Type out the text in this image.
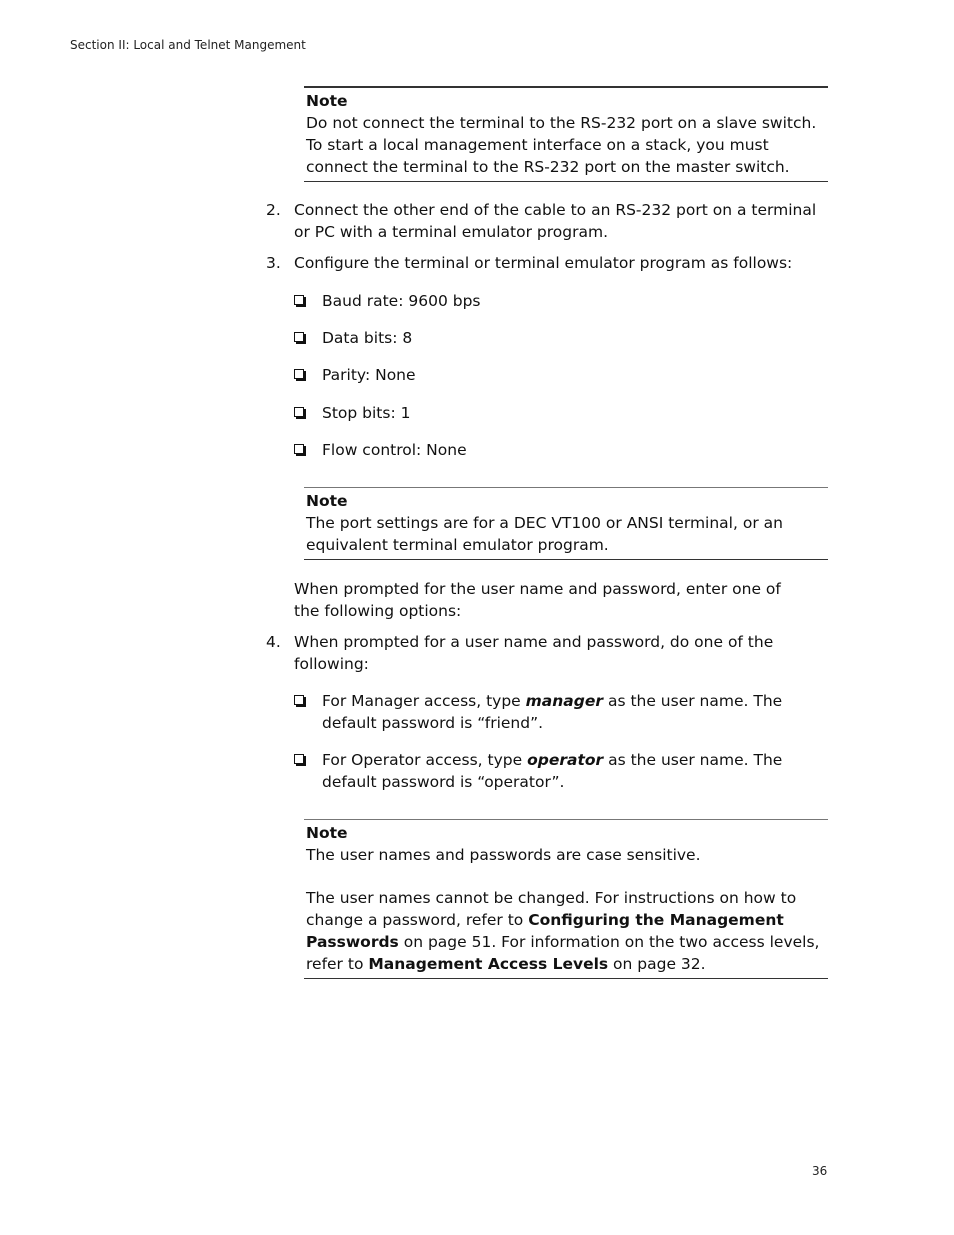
Section II: Local and Telnet Mangement
Note

Do not connect the terminal to the RS-232 port on a slave switch. To start a local management interface on a stack, you must connect the terminal to the RS-232 port on the master switch.

2. Connect the other end of the cable to an RS-232 port on a terminal or PC with a terminal emulator program.
3. Configure the terminal or terminal emulator program as follows:
Baud rate: 9600 bps
Data bits: 8
Parity: None
Stop bits: 1
Flow control: None
Note

The port settings are for a DEC VT100 or ANSI terminal, or an equivalent terminal emulator program.

When prompted for the user name and password, enter one of the following options:
4. When prompted for a user name and password, do one of the following:
For Manager access, type manager as the user name. The default password is “friend”.
For Operator access, type operator as the user name. The default password is “operator”.
Note

The user names and passwords are case sensitive.

The user names cannot be changed. For instructions on how to change a password, refer to Configuring the Management Passwords on page 51. For information on the two access levels, refer to Management Access Levels on page 32.

36
